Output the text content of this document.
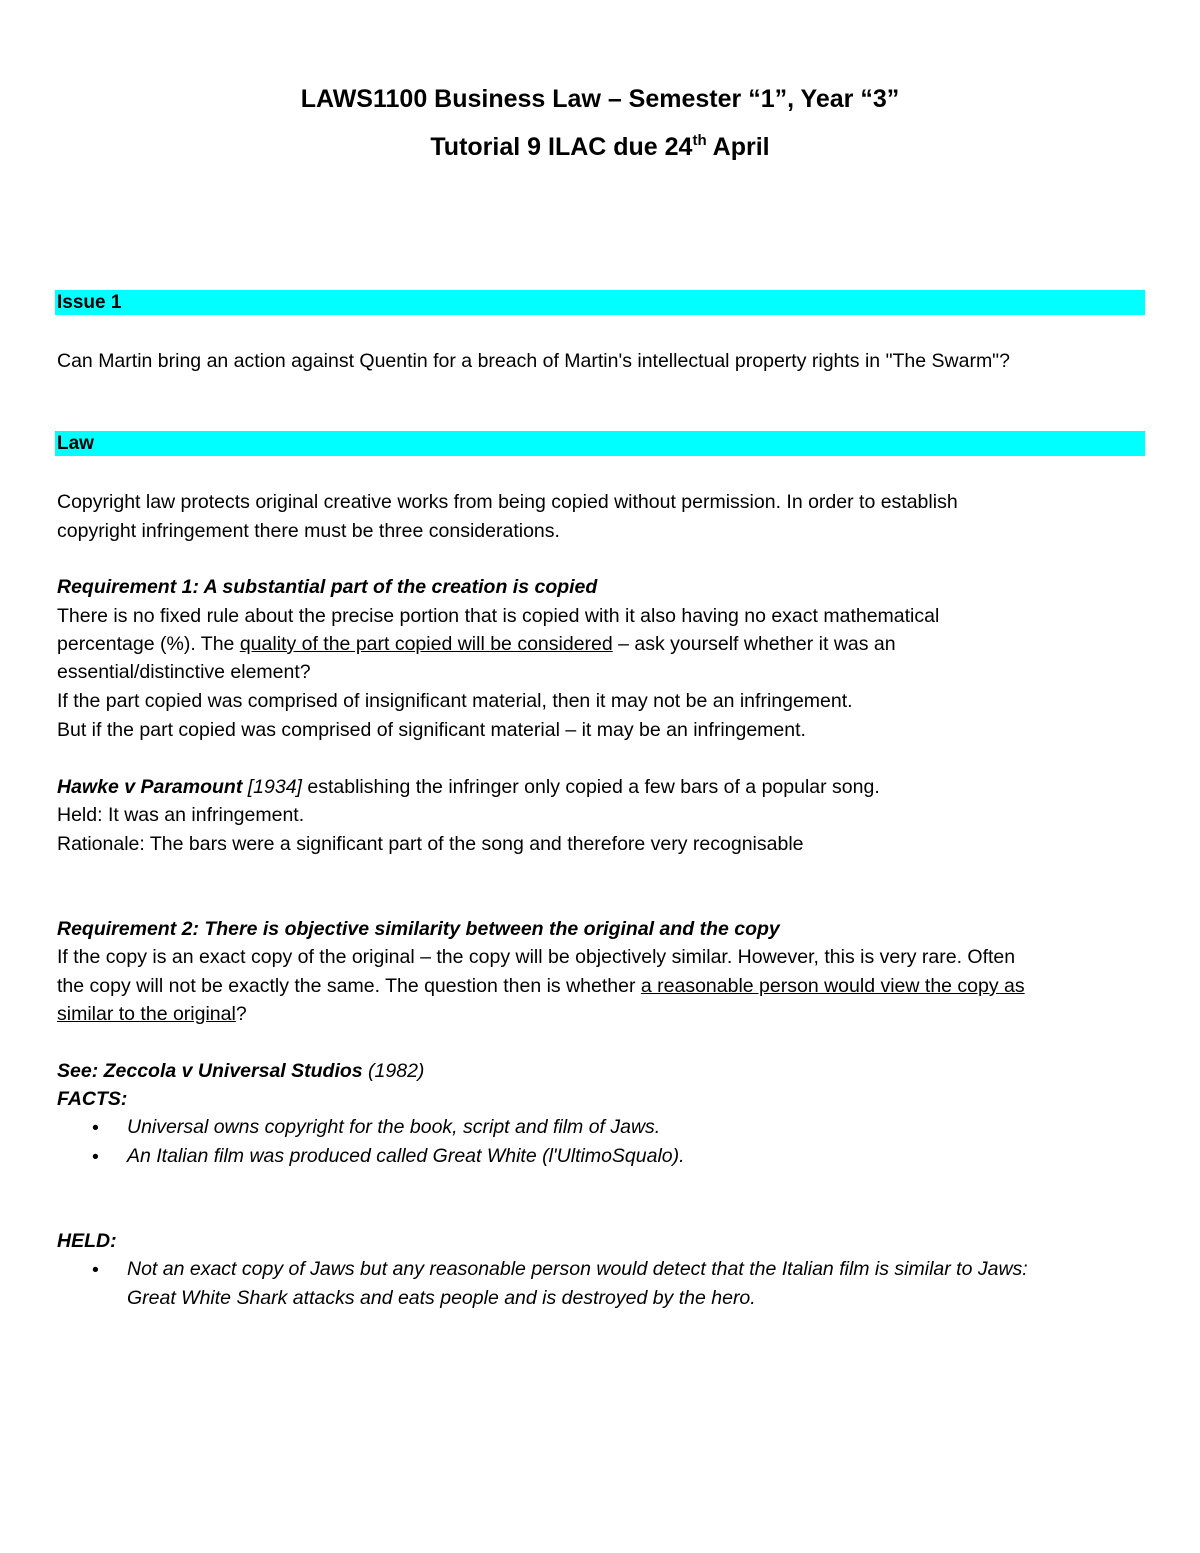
LAWS1100 Business Law – Semester “1”, Year “3”
Tutorial 9 ILAC due 24th April
Issue 1
Can Martin bring an action against Quentin for a breach of Martin's intellectual property rights in "The Swarm"?
Law
Copyright law protects original creative works from being copied without permission. In order to establish
copyright infringement there must be three considerations.
Requirement 1: A substantial part of the creation is copied
There is no fixed rule about the precise portion that is copied with it also having no exact mathematical
percentage (%). The quality of the part copied will be considered – ask yourself whether it was an
essential/distinctive element?
If the part copied was comprised of insignificant material, then it may not be an infringement.
But if the part copied was comprised of significant material – it may be an infringement.
Hawke v Paramount [1934] establishing the infringer only copied a few bars of a popular song.
Held: It was an infringement.
Rationale: The bars were a significant part of the song and therefore very recognisable
Requirement 2: There is objective similarity between the original and the copy
If the copy is an exact copy of the original – the copy will be objectively similar. However, this is very rare. Often
the copy will not be exactly the same. The question then is whether a reasonable person would view the copy as
similar to the original?
See: Zeccola v Universal Studios (1982)
FACTS:
• Universal owns copyright for the book, script and film of Jaws.
• An Italian film was produced called Great White (l'UltimoSqualo).
HELD:
• Not an exact copy of Jaws but any reasonable person would detect that the Italian film is similar to Jaws:
Great White Shark attacks and eats people and is destroyed by the hero.
